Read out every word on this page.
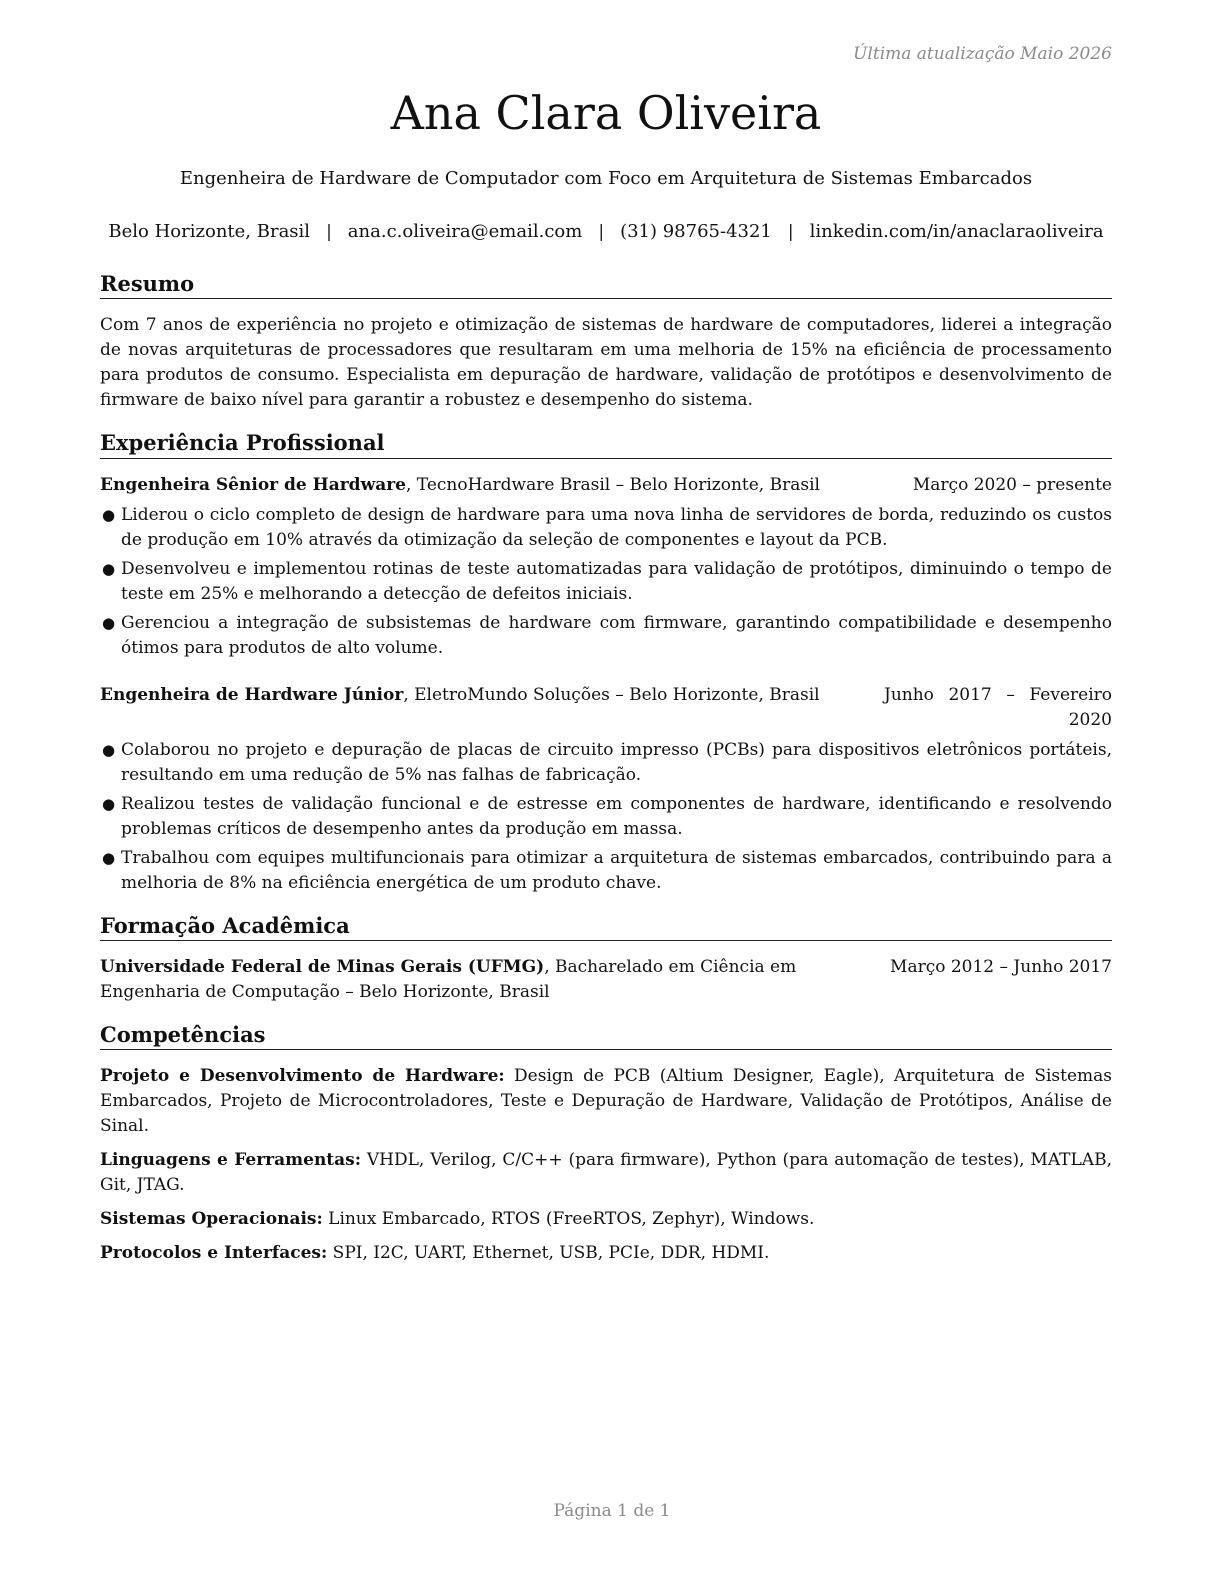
Última atualização Maio 2026
Ana Clara Oliveira
Engenheira de Hardware de Computador com Foco em Arquitetura de Sistemas Embarcados
Belo Horizonte, Brasil | ana.c.oliveira@email.com | (31) 98765-4321 | linkedin.com/in/anaclaraoliveira
Resumo

Com 7 anos de experiência no projeto e otimização de sistemas de hardware de computadores, liderei a integração de novas arquiteturas de processadores que resultaram em uma melhoria de 15% na eficiência de processamento para produtos de consumo. Especialista em depuração de hardware, validação de protótipos e desenvolvimento de firmware de baixo nível para garantir a robustez e desempenho do sistema.

Experiência Profissional
Engenheira Sênior de Hardware, TecnoHardware Brasil – Belo Horizonte, Brasil	Março 2020 – presente
● Liderou o ciclo completo de design de hardware para uma nova linha de servidores de borda, reduzindo os custos de produção em 10% através da otimização da seleção de componentes e layout da PCB.
● Desenvolveu e implementou rotinas de teste automatizadas para validação de protótipos, diminuindo o tempo de teste em 25% e melhorando a detecção de defeitos iniciais.
● Gerenciou a integração de subsistemas de hardware com firmware, garantindo compatibilidade e desempenho ótimos para produtos de alto volume.
Engenheira de Hardware Júnior, EletroMundo Soluções – Belo Horizonte, Brasil	Junho 2017 – Fevereiro 2020
● Colaborou no projeto e depuração de placas de circuito impresso (PCBs) para dispositivos eletrônicos portáteis, resultando em uma redução de 5% nas falhas de fabricação.
● Realizou testes de validação funcional e de estresse em componentes de hardware, identificando e resolvendo problemas críticos de desempenho antes da produção em massa.
● Trabalhou com equipes multifuncionais para otimizar a arquitetura de sistemas embarcados, contribuindo para a melhoria de 8% na eficiência energética de um produto chave.
Formação Acadêmica
Universidade Federal de Minas Gerais (UFMG), Bacharelado em Ciência em Engenharia de Computação – Belo Horizonte, Brasil
Março 2012 – Junho 2017
Competências
Projeto e Desenvolvimento de Hardware: Design de PCB (Altium Designer, Eagle), Arquitetura de Sistemas Embarcados, Projeto de Microcontroladores, Teste e Depuração de Hardware, Validação de Protótipos, Análise de Sinal.
Linguagens e Ferramentas: VHDL, Verilog, C/C++ (para firmware), Python (para automação de testes), MATLAB, Git, JTAG.
Sistemas Operacionais: Linux Embarcado, RTOS (FreeRTOS, Zephyr), Windows.
Protocolos e Interfaces: SPI, I2C, UART, Ethernet, USB, PCIe, DDR, HDMI.
Página 1 de 1
